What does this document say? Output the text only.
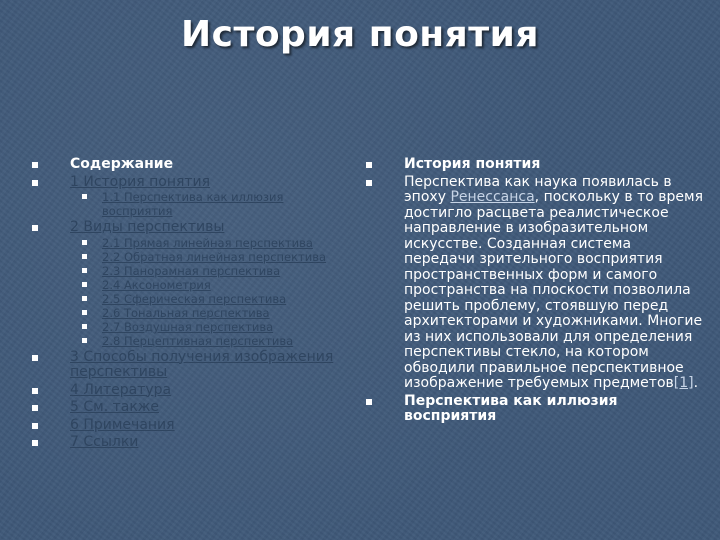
История понятия
Содержание
1 История понятия
1.1 Перспектива как иллюзия восприятия
2 Виды перспективы
2.1 Прямая линейная перспектива
2.2 Обратная линейная перспектива
2.3 Панорамная перспектива
2.4 Аксонометрия
2.5 Сферическая перспектива
2.6 Тональная перспектива
2.7 Воздушная перспектива
2.8 Перцептивная перспектива
3 Способы получения изображения перспективы
4 Литература
5 См. также
6 Примечания
7 Ссылки
История понятия
Перспектива как наука появилась в эпоху Ренессанса, поскольку в то время достигло расцвета реалистическое направление в изобразительном искусстве. Созданная система передачи зрительного восприятия пространственных форм и самого пространства на плоскости позволила решить проблему, стоявшую перед архитекторами и художниками. Многие из них использовали для определения перспективы стекло, на котором обводили правильное перспективное изображение требуемых предметов[1].
Перспектива как иллюзия восприятия
